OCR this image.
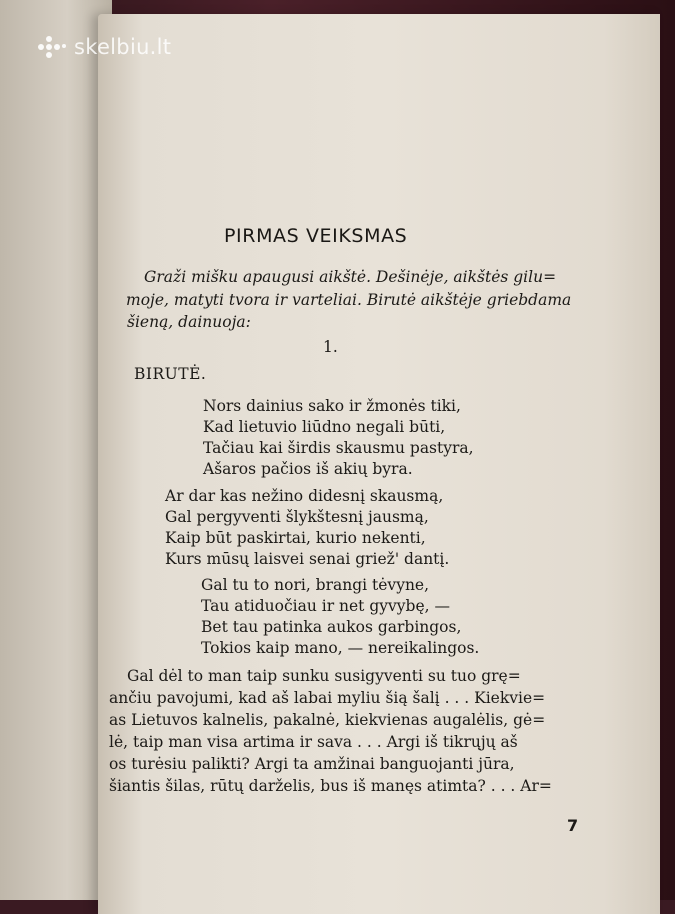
skelbiu.lt
PIRMAS VEIKSMAS
Graži mišku apaugusi aikštė. Dešinėje, aikštės gilu=
moje, matyti tvora ir varteliai. Birutė aikštėje griebdama
šieną, dainuoja:
1.
BIRUTĖ.
Nors dainius sako ir žmonės tiki,
Kad lietuvio liūdno negali būti,
Tačiau kai širdis skausmu pastyra,
Ašaros pačios iš akių byra.
Ar dar kas nežino didesnį skausmą,
Gal pergyventi šlykštesnį jausmą,
Kaip būt paskirtai, kurio nekenti,
Kurs mūsų laisvei senai griež' dantį.
Gal tu to nori, brangi tėvyne,
Tau atiduočiau ir net gyvybę, —
Bet tau patinka aukos garbingos,
Tokios kaip mano, — nereikalingos.
Gal dėl to man taip sunku susigyventi su tuo grę=
ančiu pavojumi, kad aš labai myliu šią šalį . . . Kiekvie=
as Lietuvos kalnelis, pakalnė, kiekvienas augalėlis, gė=
lė, taip man visa artima ir sava . . . Argi iš tikrųjų aš
os turėsiu palikti? Argi ta amžinai banguojanti jūra,
šiantis šilas, rūtų darželis, bus iš manęs atimta? . . . Ar=
7
